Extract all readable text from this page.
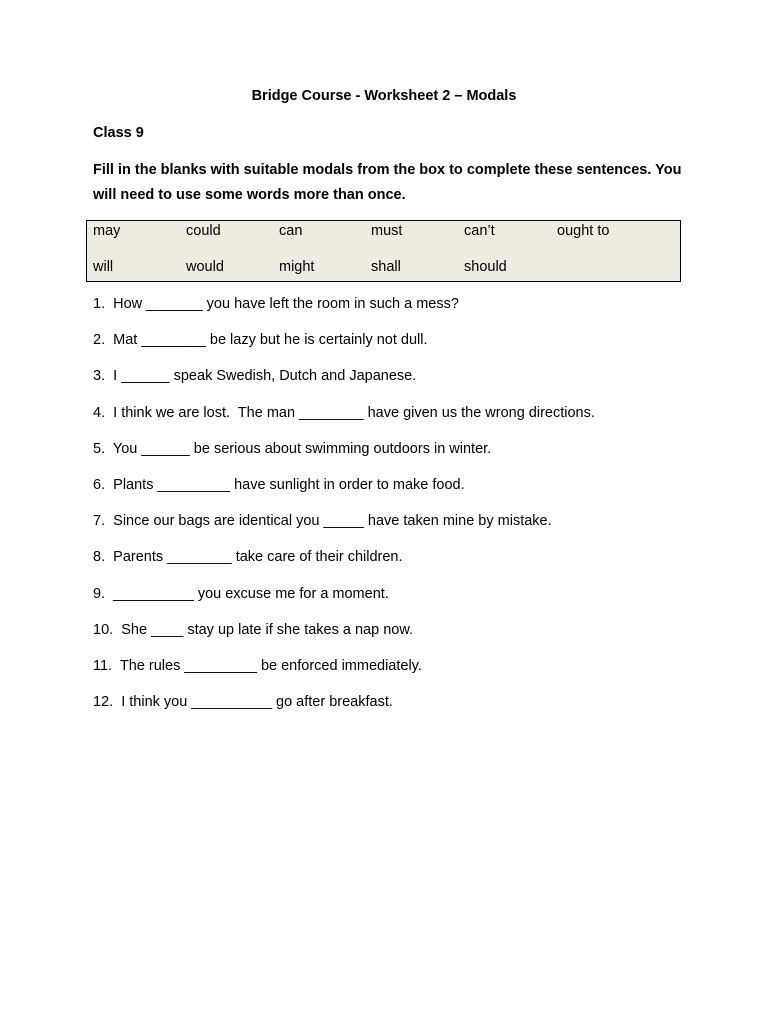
Bridge Course - Worksheet 2 – Modals
Class 9
Fill in the blanks with suitable modals from the box to complete these sentences. You will need to use some words more than once.
may	could	can	must	can’t	ought to
will	would	might	shall	should
1.  How _______ you have left the room in such a mess?
2.  Mat ________ be lazy but he is certainly not dull.
3.  I ______ speak Swedish, Dutch and Japanese.
4.  I think we are lost.  The man ________ have given us the wrong directions.
5.  You ______ be serious about swimming outdoors in winter.
6.  Plants _________ have sunlight in order to make food.
7.  Since our bags are identical you _____ have taken mine by mistake.
8.  Parents ________ take care of their children.
9.  __________ you excuse me for a moment.
10.  She ____ stay up late if she takes a nap now.
11.  The rules _________ be enforced immediately.
12.  I think you __________ go after breakfast.
